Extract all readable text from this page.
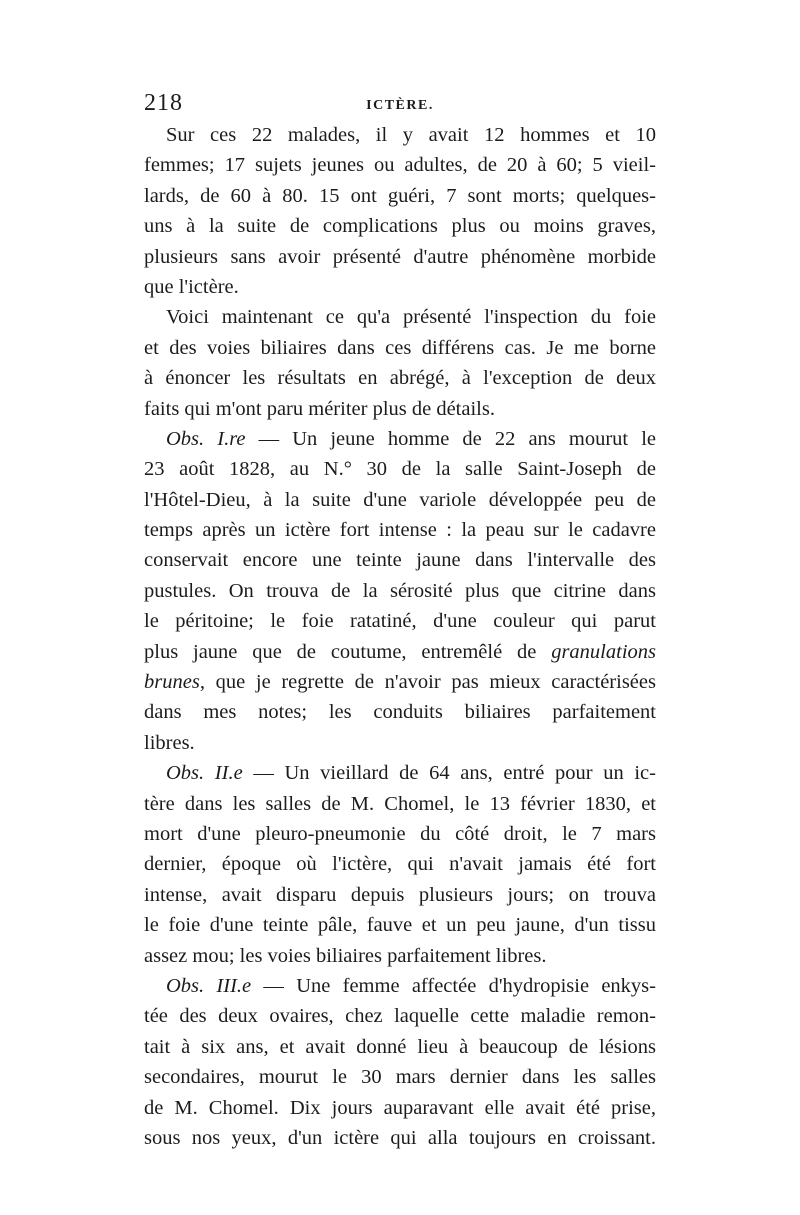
218	ICTÈRE.
Sur ces 22 malades, il y avait 12 hommes et 10
femmes; 17 sujets jeunes ou adultes, de 20 à 60; 5 vieil-
lards, de 60 à 80. 15 ont guéri, 7 sont morts; quelques-
uns à la suite de complications plus ou moins graves,
plusieurs sans avoir présenté d'autre phénomène morbide
que l'ictère.
Voici maintenant ce qu'a présenté l'inspection du foie
et des voies biliaires dans ces différens cas. Je me borne
à énoncer les résultats en abrégé, à l'exception de deux
faits qui m'ont paru mériter plus de détails.
Obs. I.re — Un jeune homme de 22 ans mourut le
23 août 1828, au N.° 30 de la salle Saint-Joseph de
l'Hôtel-Dieu, à la suite d'une variole développée peu de
temps après un ictère fort intense : la peau sur le cadavre
conservait encore une teinte jaune dans l'intervalle des
pustules. On trouva de la sérosité plus que citrine dans
le péritoine; le foie ratatiné, d'une couleur qui parut
plus jaune que de coutume, entremêlé de granulations
brunes, que je regrette de n'avoir pas mieux caractérisées
dans mes notes; les conduits biliaires parfaitement
libres.
Obs. II.e — Un vieillard de 64 ans, entré pour un ic-
tère dans les salles de M. Chomel, le 13 février 1830, et
mort d'une pleuro-pneumonie du côté droit, le 7 mars
dernier, époque où l'ictère, qui n'avait jamais été fort
intense, avait disparu depuis plusieurs jours; on trouva
le foie d'une teinte pâle, fauve et un peu jaune, d'un tissu
assez mou; les voies biliaires parfaitement libres.
Obs. III.e — Une femme affectée d'hydropisie enkys-
tée des deux ovaires, chez laquelle cette maladie remon-
tait à six ans, et avait donné lieu à beaucoup de lésions
secondaires, mourut le 30 mars dernier dans les salles
de M. Chomel. Dix jours auparavant elle avait été prise,
sous nos yeux, d'un ictère qui alla toujours en croissant.
